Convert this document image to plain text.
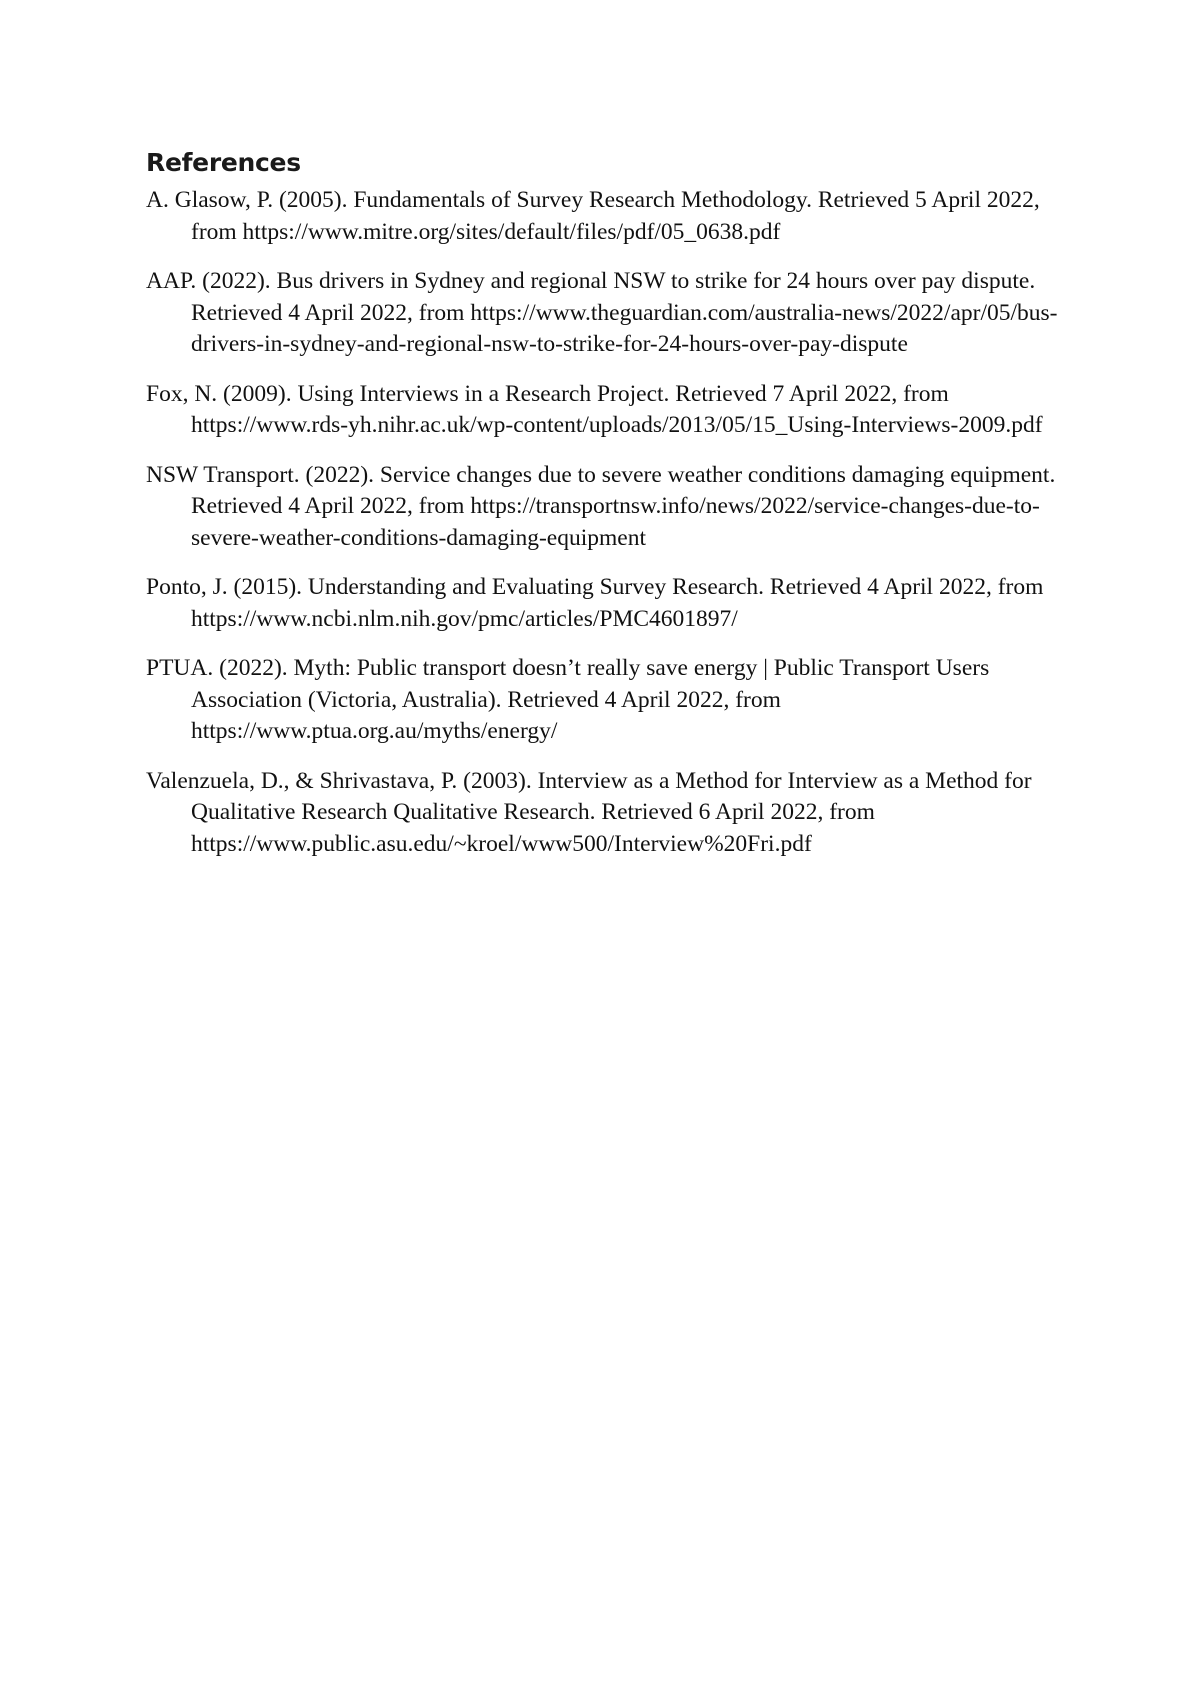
References
A. Glasow, P. (2005). Fundamentals of Survey Research Methodology. Retrieved 5 April 2022, from https://www.mitre.org/sites/default/files/pdf/05_0638.pdf
AAP. (2022). Bus drivers in Sydney and regional NSW to strike for 24 hours over pay dispute. Retrieved 4 April 2022, from https://www.theguardian.com/australia-news/2022/apr/05/bus-drivers-in-sydney-and-regional-nsw-to-strike-for-24-hours-over-pay-dispute
Fox, N. (2009). Using Interviews in a Research Project. Retrieved 7 April 2022, from https://www.rds-yh.nihr.ac.uk/wp-content/uploads/2013/05/15_Using-Interviews-2009.pdf
NSW Transport. (2022). Service changes due to severe weather conditions damaging equipment. Retrieved 4 April 2022, from https://transportnsw.info/news/2022/service-changes-due-to-severe-weather-conditions-damaging-equipment
Ponto, J. (2015). Understanding and Evaluating Survey Research. Retrieved 4 April 2022, from https://www.ncbi.nlm.nih.gov/pmc/articles/PMC4601897/
PTUA. (2022). Myth: Public transport doesn’t really save energy | Public Transport Users Association (Victoria, Australia). Retrieved 4 April 2022, from https://www.ptua.org.au/myths/energy/
Valenzuela, D., & Shrivastava, P. (2003). Interview as a Method for Interview as a Method for Qualitative Research Qualitative Research. Retrieved 6 April 2022, from https://www.public.asu.edu/~kroel/www500/Interview%20Fri.pdf
